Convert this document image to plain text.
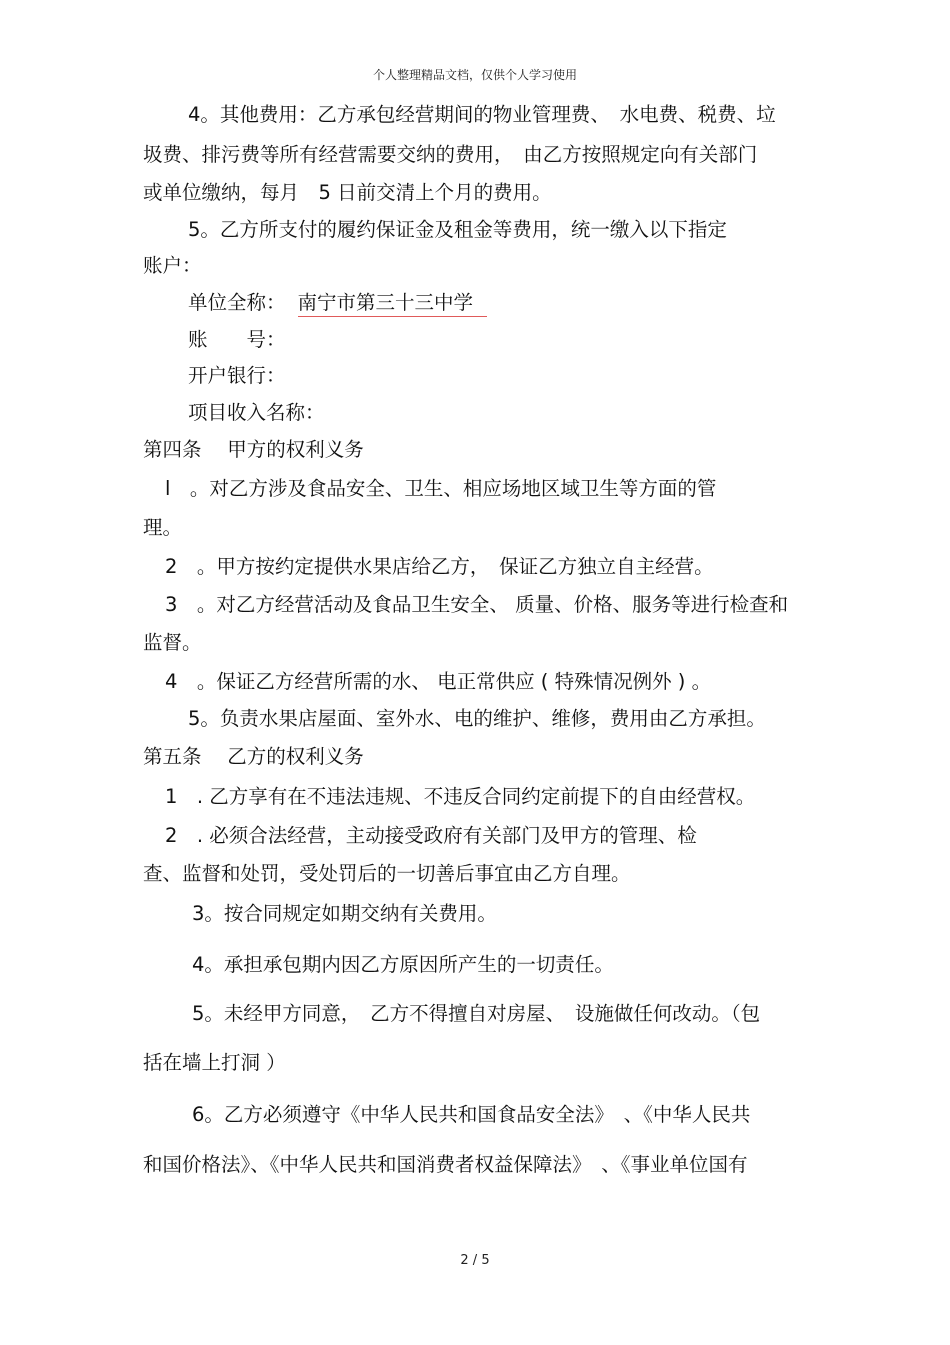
个人整理精品文档，仅供个人学习使用
4。其他费用：乙方承包经营期间的物业管理费、　水电费、税费、垃
圾费、排污费等所有经营需要交纳的费用，　由乙方按照规定向有关部门
或单位缴纳，每月　5 日前交清上个月的费用。
5。乙方所支付的履约保证金及租金等费用，统一缴入以下指定
账户：
单位全称： 南宁市第三十三中学
账　　号：
开户银行：
项目收入名称：
第四条　 甲方的权利义务
l　。对乙方涉及食品安全、卫生、相应场地区域卫生等方面的管
理。
2　。甲方按约定提供水果店给乙方，　保证乙方独立自主经营。
3　。对乙方经营活动及食品卫生安全、 质量、价格、服务等进行检查和
监督。
4　。保证乙方经营所需的水、 电正常供应 ( 特殊情况例外 ) 。
5。负责水果店屋面、室外水、电的维护、维修，费用由乙方承担。
第五条　 乙方的权利义务
1　. 乙方享有在不违法违规、不违反合同约定前提下的自由经营权。
2　. 必须合法经营，主动接受政府有关部门及甲方的管理、检
查、监督和处罚，受处罚后的一切善后事宜由乙方自理。
3。按合同规定如期交纳有关费用。
4。承担承包期内因乙方原因所产生的一切责任。
5。未经甲方同意，　乙方不得擅自对房屋、　设施做任何改动。（包
括在墙上打洞 ）
6。乙方必须遵守《中华人民共和国食品安全法》　、《中华人民共
和国价格法》、《中华人民共和国消费者权益保障法》　、《事业单位国有
2 / 5
